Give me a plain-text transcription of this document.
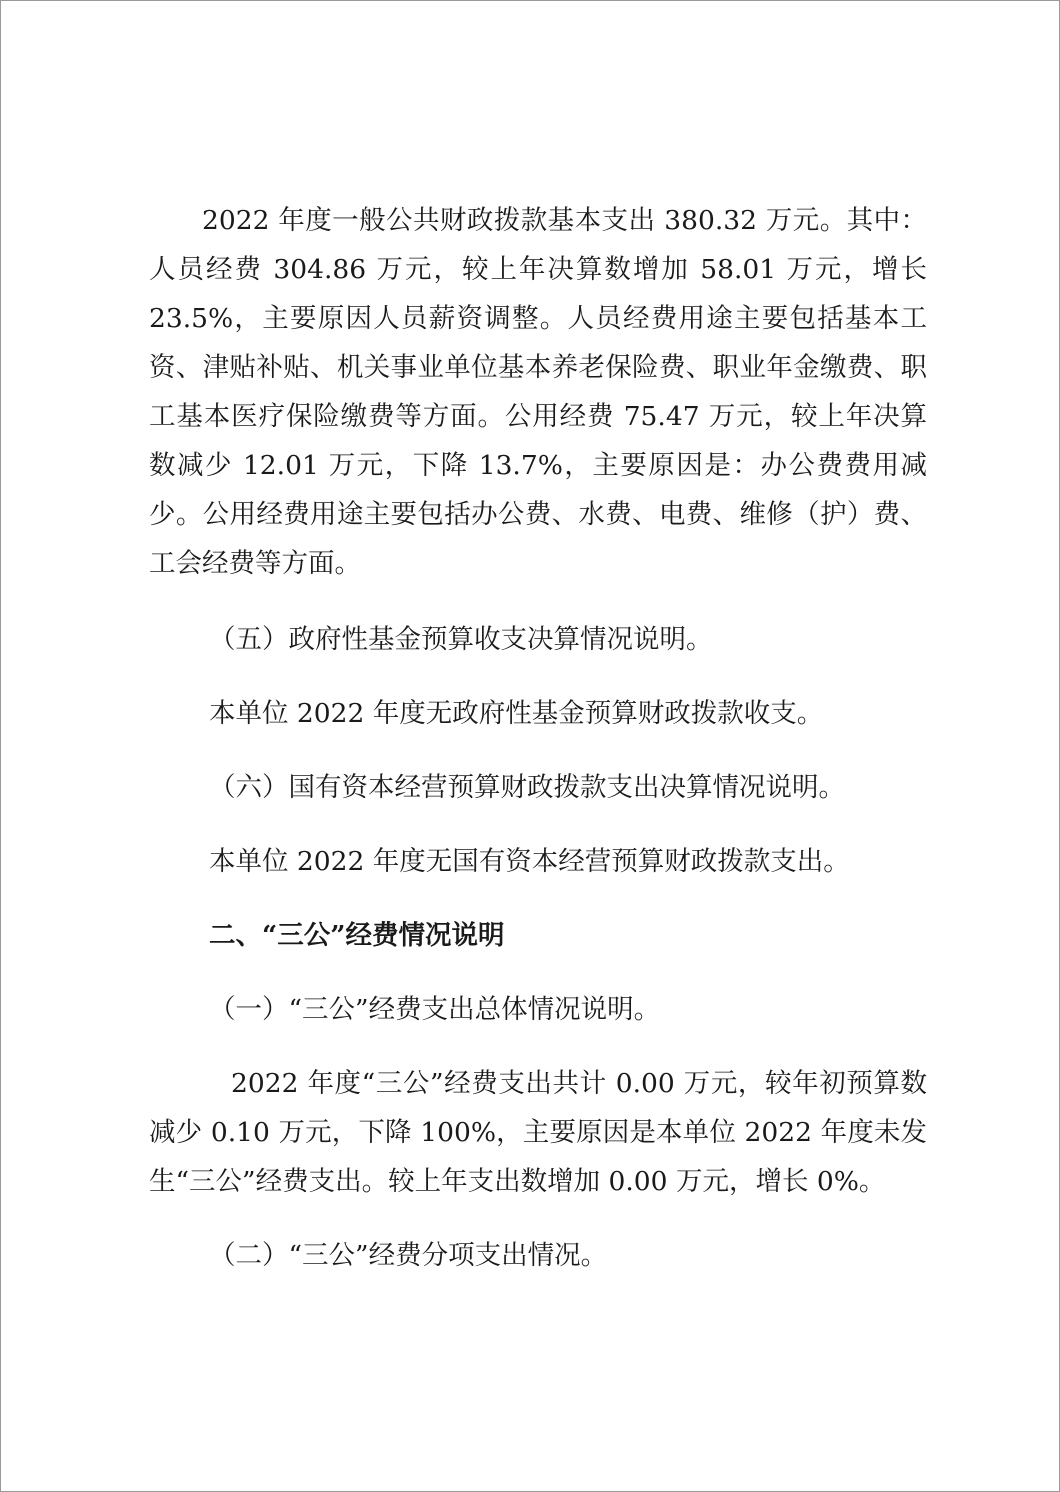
2022 年度一般公共财政拨款基本支出 380.32 万元。其中：人员经费 304.86 万元，较上年决算数增加 58.01 万元，增长 23.5%，主要原因人员薪资调整。人员经费用途主要包括基本工资、津贴补贴、机关事业单位基本养老保险费、职业年金缴费、职工基本医疗保险缴费等方面。公用经费 75.47 万元，较上年决算数减少 12.01 万元，下降 13.7%，主要原因是：办公费费用减少。公用经费用途主要包括办公费、水费、电费、维修（护）费、工会经费等方面。

（五）政府性基金预算收支决算情况说明。

本单位 2022 年度无政府性基金预算财政拨款收支。

（六）国有资本经营预算财政拨款支出决算情况说明。

本单位 2022 年度无国有资本经营预算财政拨款支出。

二、“三公”经费情况说明

（一）“三公”经费支出总体情况说明。

2022 年度“三公”经费支出共计 0.00 万元，较年初预算数减少 0.10 万元，下降 100%，主要原因是本单位 2022 年度未发生“三公”经费支出。较上年支出数增加 0.00 万元，增长 0%。

（二）“三公”经费分项支出情况。
